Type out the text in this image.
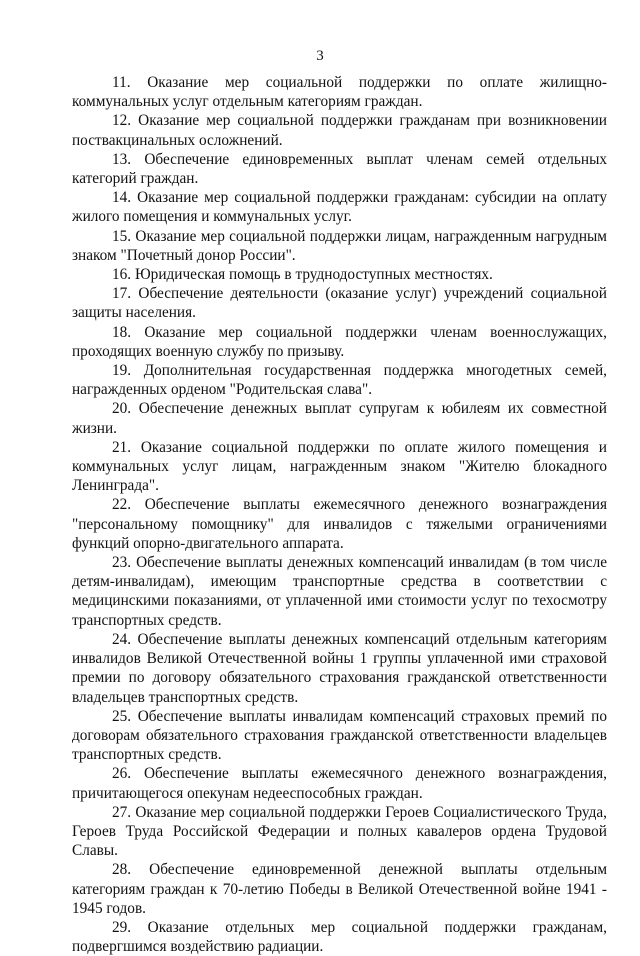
3

11. Оказание мер социальной поддержки по оплате жилищно-коммунальных услуг отдельным категориям граждан.

12. Оказание мер социальной поддержки гражданам при возникновении поствакцинальных осложнений.

13. Обеспечение единовременных выплат членам семей отдельных категорий граждан.

14. Оказание мер социальной поддержки гражданам: субсидии на оплату жилого помещения и коммунальных услуг.

15. Оказание мер социальной поддержки лицам, награжденным нагрудным знаком "Почетный донор России".

16. Юридическая помощь в труднодоступных местностях.

17. Обеспечение деятельности (оказание услуг) учреждений социальной защиты населения.

18. Оказание мер социальной поддержки членам военнослужащих, проходящих военную службу по призыву.

19. Дополнительная государственная поддержка многодетных семей, награжденных орденом "Родительская слава".

20. Обеспечение денежных выплат супругам к юбилеям их совместной жизни.

21. Оказание социальной поддержки по оплате жилого помещения и коммунальных услуг лицам, награжденным знаком "Жителю блокадного Ленинграда".

22. Обеспечение выплаты ежемесячного денежного вознаграждения "персональному помощнику" для инвалидов с тяжелыми ограничениями функций опорно-двигательного аппарата.

23. Обеспечение выплаты денежных компенсаций инвалидам (в том числе детям-инвалидам), имеющим транспортные средства в соответствии с медицинскими показаниями, от уплаченной ими стоимости услуг по техосмотру транспортных средств.

24. Обеспечение выплаты денежных компенсаций отдельным категориям инвалидов Великой Отечественной войны 1 группы уплаченной ими страховой премии по договору обязательного страхования гражданской ответственности владельцев транспортных средств.

25. Обеспечение выплаты инвалидам компенсаций страховых премий по договорам обязательного страхования гражданской ответственности владельцев транспортных средств.

26. Обеспечение выплаты ежемесячного денежного вознаграждения, причитающегося опекунам недееспособных граждан.

27. Оказание мер социальной поддержки Героев Социалистического Труда, Героев Труда Российской Федерации и полных кавалеров ордена Трудовой Славы.

28. Обеспечение единовременной денежной выплаты отдельным категориям граждан к 70-летию Победы в Великой Отечественной войне 1941 - 1945 годов.

29. Оказание отдельных мер социальной поддержки гражданам, подвергшимся воздействию радиации.
